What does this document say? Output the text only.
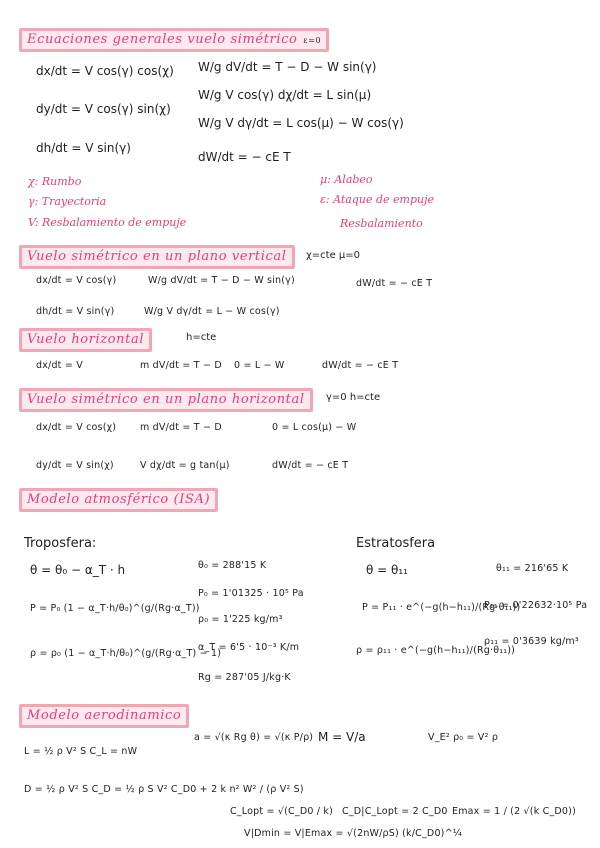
Ecuaciones generales vuelo simétrico ε=0
dx/dt = V cos(γ) cos(χ)
dy/dt = V cos(γ) sin(χ)
dh/dt = V sin(γ)
W/g dV/dt = T − D − W sin(γ)
W/g V cos(γ) dχ/dt = L sin(μ)
W/g V dγ/dt = L cos(μ) − W cos(γ)
dW/dt = − cE T
χ: Rumbo
γ: Trayectoria
V: Resbalamiento de empuje
μ: Alabeo
ε: Ataque de empuje
Resbalamiento
Vuelo simétrico en un plano vertical	χ=cte μ=0
dx/dt = V cos(γ)	W/g dV/dt = T − D − W sin(γ)	dW/dt = − cE T
dh/dt = V sin(γ)	W/g V dγ/dt = L − W cos(γ)
Vuelo horizontal	h=cte
dx/dt = V	m dV/dt = T − D 0 = L − W	dW/dt = − cE T
Vuelo simétrico en un plano horizontal	γ=0 h=cte
dx/dt = V cos(χ)	m dV/dt = T − D	0 = L cos(μ) − W
dy/dt = V sin(χ)	V dχ/dt = g tan(μ)	dW/dt = − cE T
Modelo atmosférico (ISA)
Troposfera:	Estratosfera
θ = θ₀ − α_T · h
P = P₀ (1 − α_T·h/θ₀)^(g/(Rg·α_T))
ρ = ρ₀ (1 − α_T·h/θ₀)^(g/(Rg·α_T) − 1)
θ₀ = 288'15 K
P₀ = 1'01325 · 10⁵ Pa
ρ₀ = 1'225 kg/m³
α_T = 6'5 · 10⁻³ K/m
Rg = 287'05 J/kg·K
θ = θ₁₁
P = P₁₁ · e^(−g(h−h₁₁)/(Rg·θ₁₁))
ρ = ρ₁₁ · e^(−g(h−h₁₁)/(Rg·θ₁₁))
θ₁₁ = 216'65 K
P₁₁ = 0'22632·10⁵ Pa
ρ₁₁ = 0'3639 kg/m³
Modelo aerodinamico
a = √(κ Rg θ) = √(κ P/ρ) M = V/a	V_E² ρ₀ = V² ρ
L = ½ ρ V² S C_L = nW
D = ½ ρ V² S C_D = ½ ρ S V² C_D0 + 2 k n² W² / (ρ V² S)
C_Lopt = √(C_D0 / k) C_D|C_Lopt = 2 C_D0 Emax = 1 / (2 √(k C_D0))
V|Dmin = V|Emax = √(2nW/ρS) (k/C_D0)^¼
